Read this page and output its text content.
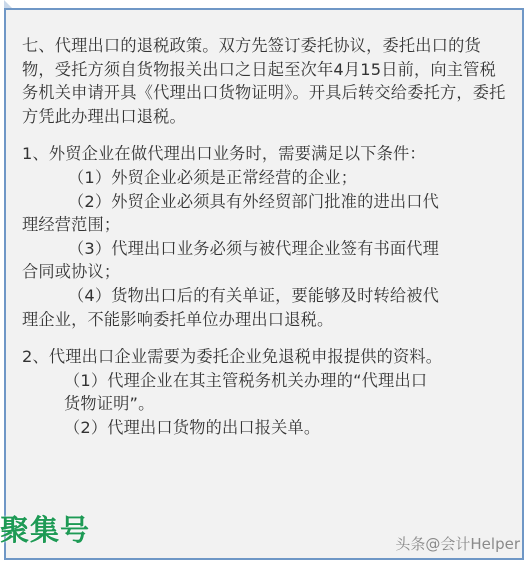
七、代理出口的退税政策。双方先签订委托协议，委托出口的货物，受托方须自货物报关出口之日起至次年4月15日前，向主管税务机关申请开具《代理出口货物证明》。开具后转交给委托方，委托方凭此办理出口退税。

1、外贸企业在做代理出口业务时，需要满足以下条件：

（1）外贸企业必须是正常经营的企业；

（2）外贸企业必须具有外经贸部门批准的进出口代

理经营范围；

（3）代理出口业务必须与被代理企业签有书面代理

合同或协议；

（4）货物出口后的有关单证，要能够及时转给被代

理企业，不能影响委托单位办理出口退税。

2、代理出口企业需要为委托企业免退税申报提供的资料。

（1）代理企业在其主管税务机关办理的“代理出口

货物证明”。

（2）代理出口货物的出口报关单。

聚集号	头条@会计Helper
